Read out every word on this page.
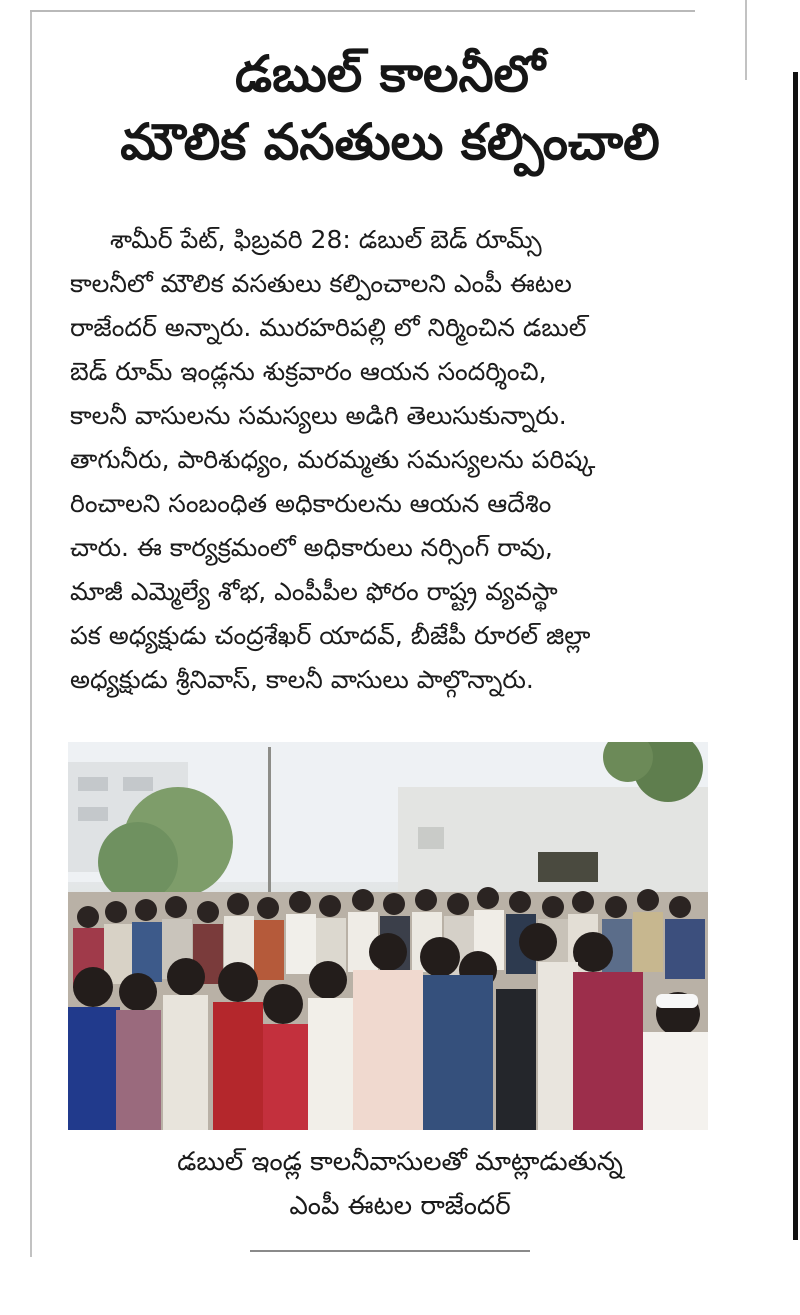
డబుల్ కాలనీలో
మౌలిక వసతులు కల్పించాలి
శామీర్ పేట్, ఫిబ్రవరి 28: డబుల్ బెడ్ రూమ్స్
కాలనీలో మౌలిక వసతులు కల్పించాలని ఎంపీ ఈటల
రాజేందర్ అన్నారు. మురహరిపల్లి లో నిర్మించిన డబుల్
బెడ్ రూమ్ ఇండ్లను శుక్రవారం ఆయన సందర్శించి,
కాలనీ వాసులను సమస్యలు అడిగి తెలుసుకున్నారు.
తాగునీరు, పారిశుధ్యం, మరమ్మతు సమస్యలను పరిష్క
రించాలని సంబంధిత అధికారులను ఆయన ఆదేశిం
చారు. ఈ కార్యక్రమంలో అధికారులు నర్సింగ్ రావు,
మాజీ ఎమ్మెల్యే శోభ, ఎంపీపీల ఫోరం రాష్ట్ర వ్యవస్థా
పక అధ్యక్షుడు చంద్రశేఖర్ యాదవ్, బీజేపీ రూరల్ జిల్లా
అధ్యక్షుడు శ్రీనివాస్, కాలనీ వాసులు పాల్గొన్నారు.
డబుల్ ఇండ్ల కాలనీవాసులతో మాట్లాడుతున్న
ఎంపీ ఈటల రాజేందర్
